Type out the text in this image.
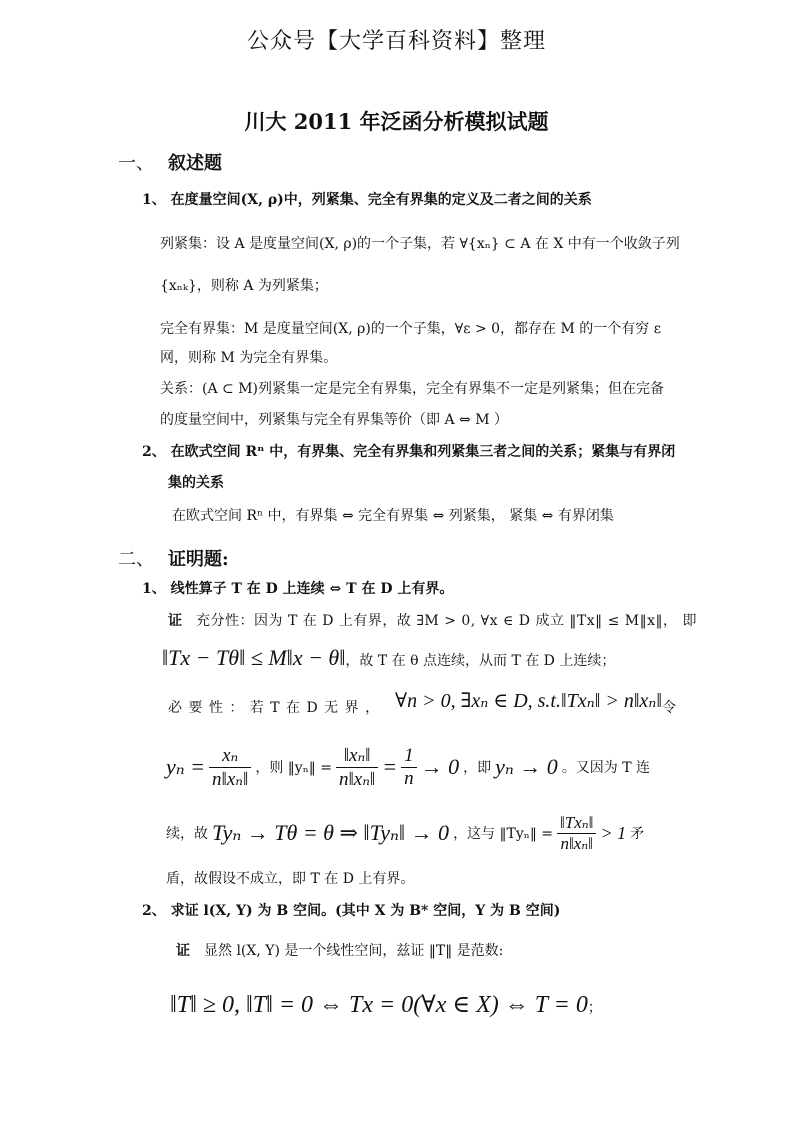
公众号【大学百科资料】整理
川大 2011 年泛函分析模拟试题
一、 叙述题
1、 在度量空间(X, ρ)中，列紧集、完全有界集的定义及二者之间的关系
列紧集：设 A 是度量空间(X, ρ)的一个子集，若 ∀{xₙ} ⊂ A 在 X 中有一个收敛子列
{xₙₖ}，则称 A 为列紧集；
完全有界集：M 是度量空间(X, ρ)的一个子集，∀ε > 0，都存在 M 的一个有穷 ε
网，则称 M 为完全有界集。
关系：(A ⊂ M)列紧集一定是完全有界集，完全有界集不一定是列紧集；但在完备
的度量空间中，列紧集与完全有界集等价（即 A ⇔ M ）
2、 在欧式空间 Rⁿ 中，有界集、完全有界集和列紧集三者之间的关系；紧集与有界闭
集的关系
在欧式空间 Rⁿ 中，有界集 ⇔ 完全有界集 ⇔ 列紧集， 紧集 ⇔ 有界闭集
二、 证明题:
1、 线性算子 T 在 D 上连续 ⇔ T 在 D 上有界。
证 充分性：因为 T 在 D 上有界，故 ∃M > 0, ∀x ∈ D 成立 ‖Tx‖ ≤ M‖x‖， 即
‖Tx − Tθ‖ ≤ M‖x − θ‖，故 T 在 θ 点连续，从而 T 在 D 上连续；
必 要 性 ： 若 T 在 D 无 界 ， ∀n > 0, ∃xₙ ∈ D, s.t.‖Txₙ‖ > n‖xₙ‖ 令
$y_n = \frac{\text{xₙ}}{\text{n‖xₙ‖}}$ ，则 ‖yₙ‖ = $\frac{\text{‖xₙ‖}}{\text{n‖xₙ‖}} = \frac{1}{n} \to 0$ ，即 yₙ → 0 。又因为 T 连
续，故 Tyₙ → Tθ = θ ⇒ ‖Tyₙ‖ → 0 ，这与 ‖Tyₙ‖ = $\frac{\text{‖Txₙ‖}}{\text{n‖xₙ‖}} > 1$ 矛
盾，故假设不成立，即 T 在 D 上有界。
2、 求证 l(X, Y) 为 B 空间。(其中 X 为 B* 空间，Y 为 B 空间)
证 显然 l(X, Y) 是一个线性空间，兹证 ‖T‖ 是范数:
‖T‖ ≥ 0, ‖T‖ = 0 ⇔ Tx = 0(∀x ∈ X) ⇔ T = 0；
